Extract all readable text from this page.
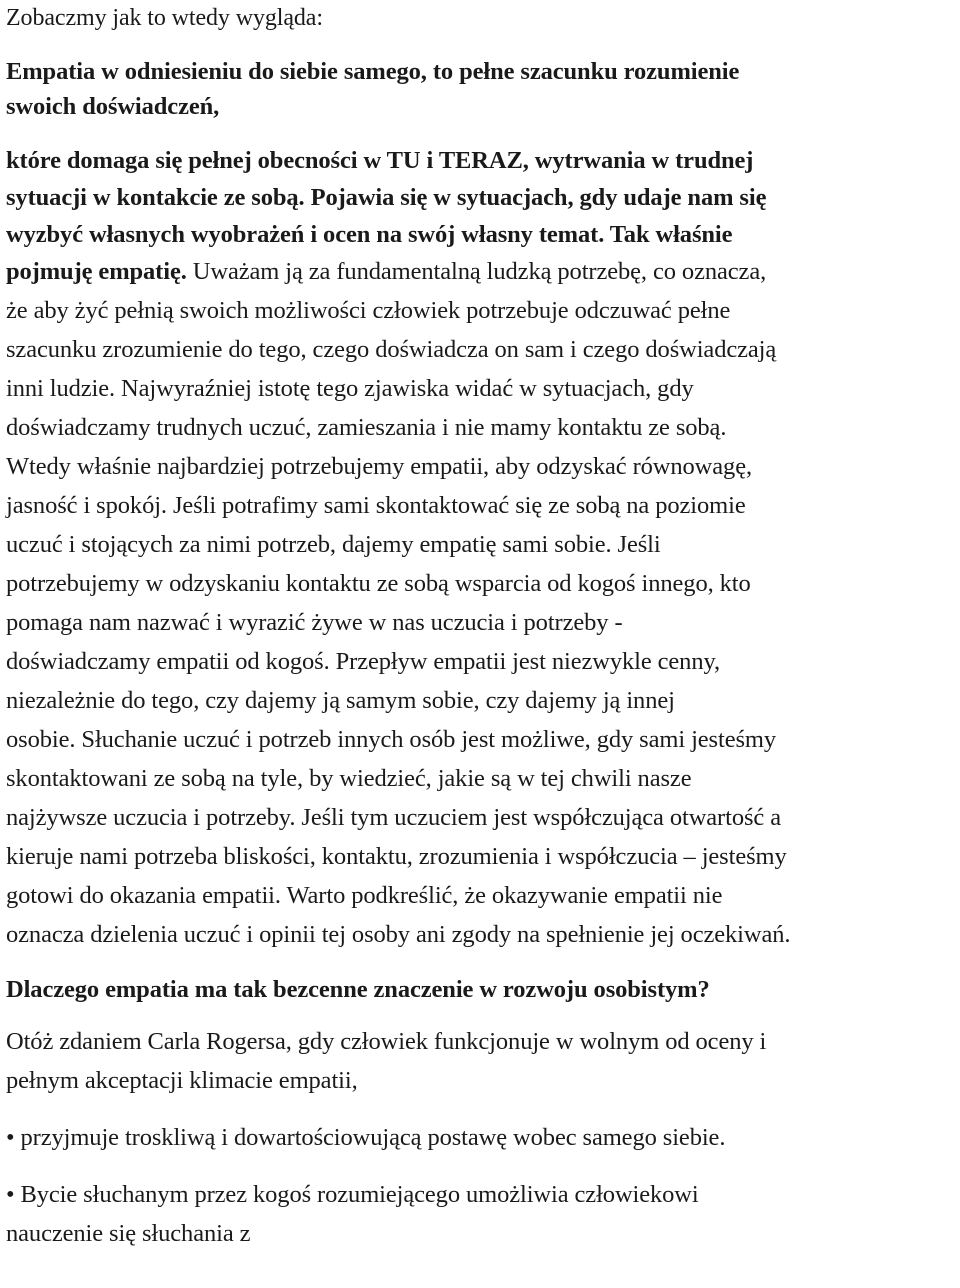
Zobaczmy jak to wtedy wygląda:
Empatia w odniesieniu do siebie samego, to pełne szacunku rozumienie
swoich doświadczeń,
które domaga się pełnej obecności w TU i TERAZ, wytrwania w trudnej
sytuacji w kontakcie ze sobą. Pojawia się w sytuacjach, gdy udaje nam się
wyzbyć własnych wyobrażeń i ocen na swój własny temat. Tak właśnie
pojmuję empatię. Uważam ją za fundamentalną ludzką potrzebę, co oznacza,
że aby żyć pełnią swoich możliwości człowiek potrzebuje odczuwać pełne
szacunku zrozumienie do tego, czego doświadcza on sam i czego doświadczają
inni ludzie. Najwyraźniej istotę tego zjawiska widać w sytuacjach, gdy
doświadczamy trudnych uczuć, zamieszania i nie mamy kontaktu ze sobą.
Wtedy właśnie najbardziej potrzebujemy empatii, aby odzyskać równowagę,
jasność i spokój. Jeśli potrafimy sami skontaktować się ze sobą na poziomie
uczuć i stojących za nimi potrzeb, dajemy empatię sami sobie. Jeśli
potrzebujemy w odzyskaniu kontaktu ze sobą wsparcia od kogoś innego, kto
pomaga nam nazwać i wyrazić żywe w nas uczucia i potrzeby -
doświadczamy empatii od kogoś. Przepływ empatii jest niezwykle cenny,
niezależnie do tego, czy dajemy ją samym sobie, czy dajemy ją innej
osobie. Słuchanie uczuć i potrzeb innych osób jest możliwe, gdy sami jesteśmy
skontaktowani ze sobą na tyle, by wiedzieć, jakie są w tej chwili nasze
najżywsze uczucia i potrzeby. Jeśli tym uczuciem jest współczująca otwartość a
kieruje nami potrzeba bliskości, kontaktu, zrozumienia i współczucia – jesteśmy
gotowi do okazania empatii. Warto podkreślić, że okazywanie empatii nie
oznacza dzielenia uczuć i opinii tej osoby ani zgody na spełnienie jej oczekiwań.
Dlaczego empatia ma tak bezcenne znaczenie w rozwoju osobistym?
Otóż zdaniem Carla Rogersa, gdy człowiek funkcjonuje w wolnym od oceny i
pełnym akceptacji klimacie empatii,
• przyjmuje troskliwą i dowartościowującą postawę wobec samego siebie.
• Bycie słuchanym przez kogoś rozumiejącego umożliwia człowiekowi
nauczenie się słuchania z
